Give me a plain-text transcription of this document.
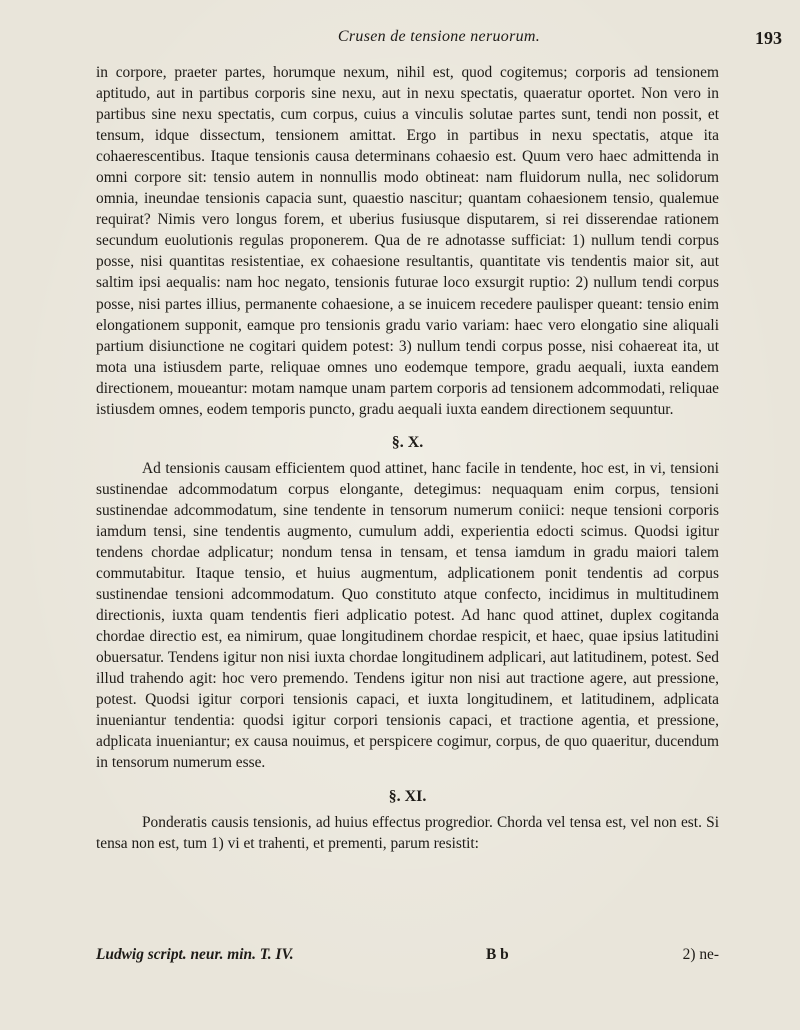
Crusen de tensione neruorum.	193

in corpore, praeter partes, horumque nexum, nihil est, quod cogitemus; corporis ad tensionem aptitudo, aut in partibus corporis sine nexu, aut in nexu spectatis, quaeratur oportet. Non vero in partibus sine nexu spectatis, cum corpus, cuius a vinculis solutae partes sunt, tendi non possit, et tensum, idque dissectum, tensionem amittat. Ergo in partibus in nexu spectatis, atque ita cohaerescentibus. Itaque tensionis causa determinans cohaesio est. Quum vero haec admittenda in omni corpore sit: tensio autem in nonnullis modo obtineat: nam fluidorum nulla, nec solidorum omnia, ineundae tensionis capacia sunt, quaestio nascitur; quantam cohaesionem tensio, qualemue requirat? Nimis vero longus forem, et uberius fusiusque disputarem, si rei disserendae rationem secundum euolutionis regulas proponerem. Qua de re adnotasse sufficiat: 1) nullum tendi corpus posse, nisi quantitas resistentiae, ex cohaesione resultantis, quantitate vis tendentis maior sit, aut saltim ipsi aequalis: nam hoc negato, tensionis futurae loco exsurgit ruptio: 2) nullum tendi corpus posse, nisi partes illius, permanente cohaesione, a se inuicem recedere paulisper queant: tensio enim elongationem supponit, eamque pro tensionis gradu vario variam: haec vero elongatio sine aliquali partium disiunctione ne cogitari quidem potest: 3) nullum tendi corpus posse, nisi cohaereat ita, ut mota una istiusdem parte, reliquae omnes uno eodemque tempore, gradu aequali, iuxta eandem directionem, moueantur: motam namque unam partem corporis ad tensionem adcommodati, reliquae istiusdem omnes, eodem temporis puncto, gradu aequali iuxta eandem directionem sequuntur.

§. X.

Ad tensionis causam efficientem quod attinet, hanc facile in tendente, hoc est, in vi, tensioni sustinendae adcommodatum corpus elongante, detegimus: nequaquam enim corpus, tensioni sustinendae adcommodatum, sine tendente in tensorum numerum coniici: neque tensioni corporis iamdum tensi, sine tendentis augmento, cumulum addi, experientia edocti scimus. Quodsi igitur tendens chordae adplicatur; nondum tensa in tensam, et tensa iamdum in gradu maiori talem commutabitur. Itaque tensio, et huius augmentum, adplicationem ponit tendentis ad corpus sustinendae tensioni adcommodatum. Quo constituto atque confecto, incidimus in multitudinem directionis, iuxta quam tendentis fieri adplicatio potest. Ad hanc quod attinet, duplex cogitanda chordae directio est, ea nimirum, quae longitudinem chordae respicit, et haec, quae ipsius latitudini obuersatur. Tendens igitur non nisi iuxta chordae longitudinem adplicari, aut latitudinem, potest. Sed illud trahendo agit: hoc vero premendo. Tendens igitur non nisi aut tractione agere, aut pressione, potest. Quodsi igitur corpori tensionis capaci, et iuxta longitudinem, et latitudinem, adplicata inueniantur tendentia: quodsi igitur corpori tensionis capaci, et tractione agentia, et pressione, adplicata inueniantur; ex causa nouimus, et perspicere cogimur, corpus, de quo quaeritur, ducendum in tensorum numerum esse.

§. XI.

Ponderatis causis tensionis, ad huius effectus progredior. Chorda vel tensa est, vel non est. Si tensa non est, tum 1) vi et trahenti, et prementi, parum resistit:

Ludwig script. neur. min. T. IV.	B b	2) ne-
